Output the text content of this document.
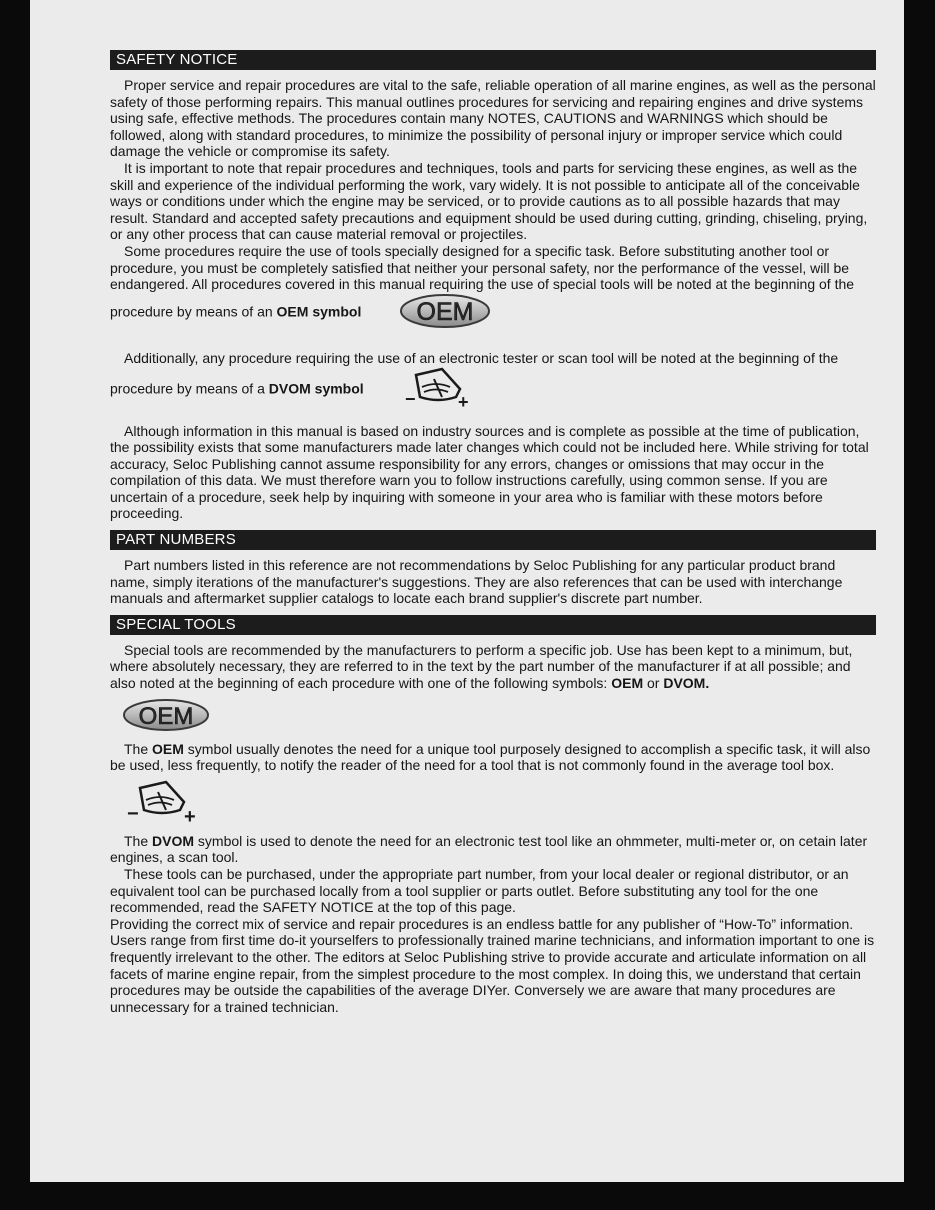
SAFETY NOTICE

Proper service and repair procedures are vital to the safe, reliable operation of all marine engines, as well as the personal safety of those performing repairs. This manual outlines procedures for servicing and repairing engines and drive systems using safe, effective methods. The procedures contain many NOTES, CAUTIONS and WARNINGS which should be followed, along with standard procedures, to minimize the possibility of personal injury or improper service which could damage the vehicle or compromise its safety.

It is important to note that repair procedures and techniques, tools and parts for servicing these engines, as well as the skill and experience of the individual performing the work, vary widely. It is not possible to anticipate all of the conceivable ways or conditions under which the engine may be serviced, or to provide cautions as to all possible hazards that may result. Standard and accepted safety precautions and equipment should be used during cutting, grinding, chiseling, prying, or any other process that can cause material removal or projectiles.

Some procedures require the use of tools specially designed for a specific task. Before substituting another tool or procedure, you must be completely satisfied that neither your personal safety, nor the performance of the vessel, will be endangered. All procedures covered in this manual requiring the use of special tools will be noted at the beginning of the procedure by means of an OEM symbol OEM

Additionally, any procedure requiring the use of an electronic tester or scan tool will be noted at the beginning of the procedure by means of a DVOM symbol
− +

Although information in this manual is based on industry sources and is complete as possible at the time of publication, the possibility exists that some manufacturers made later changes which could not be included here. While striving for total accuracy, Seloc Publishing cannot assume responsibility for any errors, changes or omissions that may occur in the compilation of this data. We must therefore warn you to follow instructions carefully, using common sense. If you are uncertain of a procedure, seek help by inquiring with someone in your area who is familiar with these motors before proceeding.

PART NUMBERS

Part numbers listed in this reference are not recommendations by Seloc Publishing for any particular product brand name, simply iterations of the manufacturer's suggestions. They are also references that can be used with interchange manuals and aftermarket supplier catalogs to locate each brand supplier's discrete part number.

SPECIAL TOOLS

Special tools are recommended by the manufacturers to perform a specific job. Use has been kept to a minimum, but, where absolutely necessary, they are referred to in the text by the part number of the manufacturer if at all possible; and also noted at the beginning of each procedure with one of the following symbols: OEM or DVOM.

OEM

The OEM symbol usually denotes the need for a unique tool purposely designed to accomplish a specific task, it will also be used, less frequently, to notify the reader of the need for a tool that is not commonly found in the average tool box.

− +

The DVOM symbol is used to denote the need for an electronic test tool like an ohmmeter, multi-meter or, on cetain later engines, a scan tool.

These tools can be purchased, under the appropriate part number, from your local dealer or regional distributor, or an equivalent tool can be purchased locally from a tool supplier or parts outlet. Before substituting any tool for the one recommended, read the SAFETY NOTICE at the top of this page.

Providing the correct mix of service and repair procedures is an endless battle for any publisher of “How-To” information. Users range from first time do-it yourselfers to professionally trained marine technicians, and information important to one is frequently irrelevant to the other. The editors at Seloc Publishing strive to provide accurate and articulate information on all facets of marine engine repair, from the simplest procedure to the most complex. In doing this, we understand that certain procedures may be outside the capabilities of the average DIYer. Conversely we are aware that many procedures are unnecessary for a trained technician.
